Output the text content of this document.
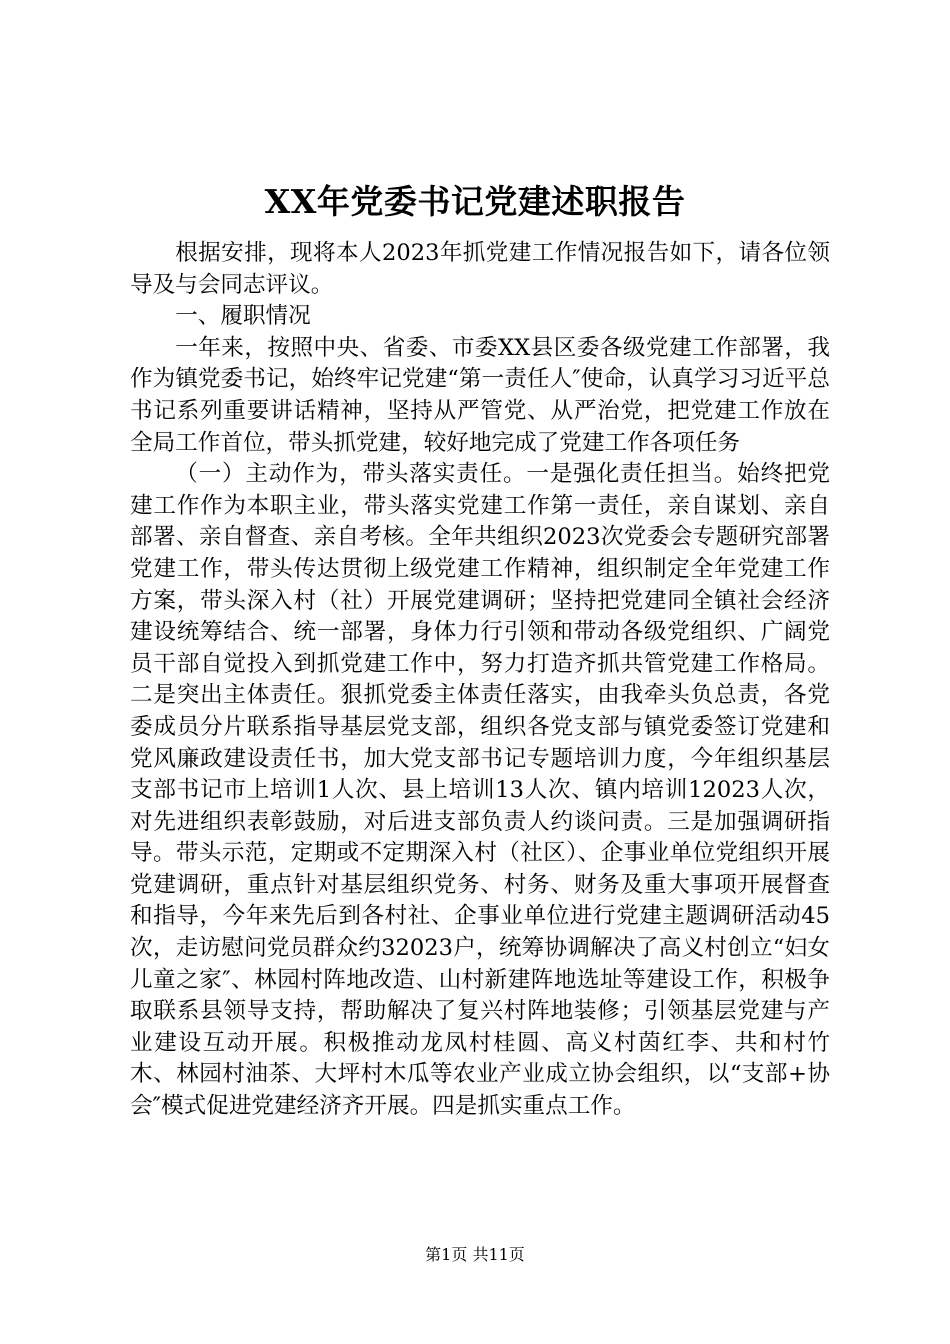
XX年党委书记党建述职报告

根据安排，现将本人2023年抓党建工作情况报告如下，请各位领导及与会同志评议。

一、履职情况

一年来，按照中央、省委、市委XX县区委各级党建工作部署，我作为镇党委书记，始终牢记党建“第一责任人″使命，认真学习习近平总书记系列重要讲话精神，坚持从严管党、从严治党，把党建工作放在全局工作首位，带头抓党建，较好地完成了党建工作各项任务

（一）主动作为，带头落实责任。一是强化责任担当。始终把党建工作作为本职主业，带头落实党建工作第一责任，亲自谋划、亲自部署、亲自督查、亲自考核。全年共组织2023次党委会专题研究部署党建工作，带头传达贯彻上级党建工作精神，组织制定全年党建工作方案，带头深入村（社）开展党建调研；坚持把党建同全镇社会经济建设统筹结合、统一部署，身体力行引领和带动各级党组织、广阔党员干部自觉投入到抓党建工作中，努力打造齐抓共管党建工作格局。二是突出主体责任。狠抓党委主体责任落实，由我牵头负总责，各党委成员分片联系指导基层党支部，组织各党支部与镇党委签订党建和党风廉政建设责任书，加大党支部书记专题培训力度，今年组织基层支部书记市上培训1人次、县上培训13人次、镇内培训12023人次，对先进组织表彰鼓励，对后进支部负责人约谈问责。三是加强调研指导。带头示范，定期或不定期深入村（社区）、企事业单位党组织开展党建调研，重点针对基层组织党务、村务、财务及重大事项开展督查和指导，今年来先后到各村社、企事业单位进行党建主题调研活动45次，走访慰问党员群众约32023户，统筹协调解决了高义村创立“妇女儿童之家″、林园村阵地改造、山村新建阵地选址等建设工作，积极争取联系县领导支持，帮助解决了复兴村阵地装修；引领基层党建与产业建设互动开展。积极推动龙凤村桂圆、高义村茵红李、共和村竹木、林园村油茶、大坪村木瓜等农业产业成立协会组织，以“支部+协会″模式促进党建经济齐开展。四是抓实重点工作。

第1页 共11页
